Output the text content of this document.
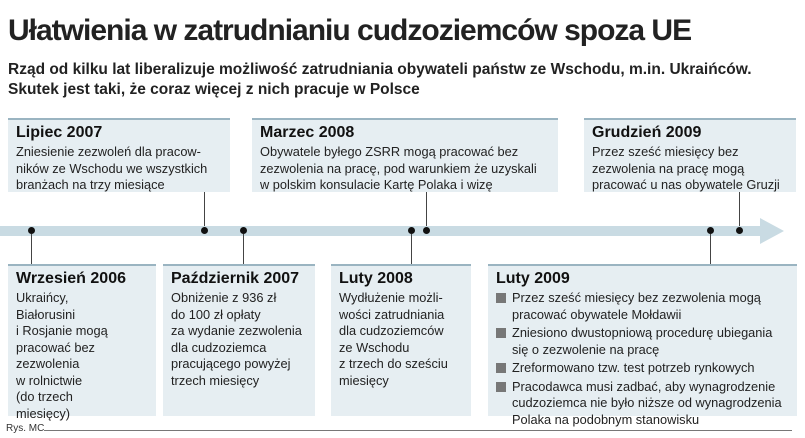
Ułatwienia w zatrudnianiu cudzoziemców spoza UE
Rząd od kilku lat liberalizuje możliwość zatrudniania obywateli państw ze Wschodu, m.in. Ukraińców.
Skutek jest taki, że coraz więcej z nich pracuje w Polsce
Lipiec 2007
Zniesienie zezwoleń dla pracow-
ników ze Wschodu we wszystkich
branżach na trzy miesiące
Marzec 2008
Obywatele byłego ZSRR mogą pracować bez
zezwolenia na pracę, pod warunkiem że uzyskali
w polskim konsulacie Kartę Polaka i wizę
Grudzień 2009
Przez sześć miesięcy bez
zezwolenia na pracę mogą
pracować u nas obywatele Gruzji
Wrzesień 2006
Ukraińcy,
Białorusini
i Rosjanie mogą
pracować bez
zezwolenia
w rolnictwie
(do trzech
miesięcy)
Październik 2007
Obniżenie z 936 zł
do 100 zł opłaty
za wydanie zezwolenia
dla cudzoziemca
pracującego powyżej
trzech miesięcy
Luty 2008
Wydłużenie możli-
wości zatrudniania
dla cudzoziemców
ze Wschodu
z trzech do sześciu
miesięcy
Luty 2009
Przez sześć miesięcy bez zezwolenia mogą pracować obywatele Mołdawii
Zniesiono dwustopniową procedurę ubiegania się o zezwolenie na pracę
Zreformowano tzw. test potrzeb rynkowych
Pracodawca musi zadbać, aby wynagrodzenie cudzoziemca nie było niższe od wynagrodzenia Polaka na podobnym stanowisku
Rys. MC
